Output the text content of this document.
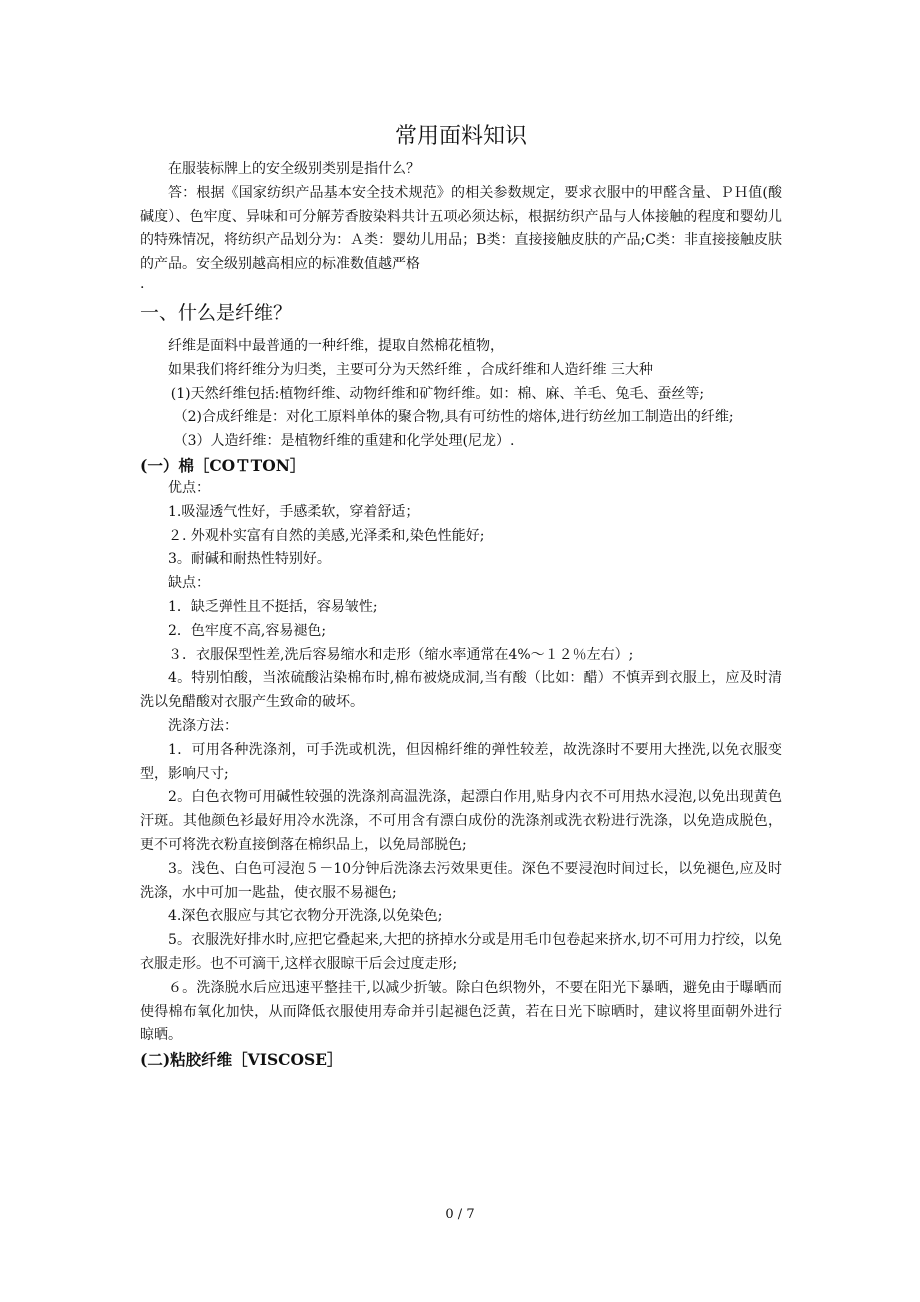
常用面料知识

在服装标牌上的安全级别类别是指什么？

答：根据《国家纺织产品基本安全技术规范》的相关参数规定，要求衣服中的甲醛含量、ＰＨ值(酸碱度）、色牢度、异味和可分解芳香胺染料共计五项必须达标，根据纺织产品与人体接触的程度和婴幼儿的特殊情况，将纺织产品划分为：Ａ类：婴幼儿用品；B类：直接接触皮肤的产品;C类：非直接接触皮肤的产品。安全级别越高相应的标准数值越严格

.

一、什么是纤维？

纤维是面料中最普通的一种纤维，提取自然棉花植物，

如果我们将纤维分为归类，主要可分为天然纤维 ，合成纤维和人造纤维 三大种

(1)天然纤维包括:植物纤维、动物纤维和矿物纤维。如：棉、麻、羊毛、兔毛、蚕丝等;

（2)合成纤维是：对化工原料单体的聚合物,具有可纺性的熔体,进行纺丝加工制造出的纤维;

（3）人造纤维：是植物纤维的重建和化学处理(尼龙）.

(一）棉［COＴTON］

优点：

1.吸湿透气性好，手感柔软，穿着舒适；

２. 外观朴实富有自然的美感,光泽柔和,染色性能好;

3。耐碱和耐热性特别好。

缺点：

1．缺乏弹性且不挺括，容易皱性;

2．色牢度不高,容易褪色;

３．衣服保型性差,洗后容易缩水和走形（缩水率通常在4%～１２％左右）;

4。特别怕酸，当浓硫酸沾染棉布时,棉布被烧成洞,当有酸（比如：醋）不慎弄到衣服上，应及时清洗以免醋酸对衣服产生致命的破坏。

洗涤方法：

1．可用各种洗涤剂，可手洗或机洗，但因棉纤维的弹性较差，故洗涤时不要用大挫洗,以免衣服变型，影响尺寸;

2。白色衣物可用碱性较强的洗涤剂高温洗涤，起漂白作用,贴身内衣不可用热水浸泡,以免出现黄色汗斑。其他颜色衫最好用冷水洗涤，不可用含有漂白成份的洗涤剂或洗衣粉进行洗涤，以免造成脱色，更不可将洗衣粉直接倒落在棉织品上，以免局部脱色;

3。浅色、白色可浸泡５－10分钟后洗涤去污效果更佳。深色不要浸泡时间过长，以免褪色,应及时洗涤，水中可加一匙盐，使衣服不易褪色;

4.深色衣服应与其它衣物分开洗涤,以免染色;

5。衣服洗好排水时,应把它叠起来,大把的挤掉水分或是用毛巾包卷起来挤水,切不可用力拧绞，以免衣服走形。也不可滴干,这样衣服晾干后会过度走形;

６。洗涤脱水后应迅速平整挂干,以减少折皱。除白色织物外，不要在阳光下暴晒，避免由于曝晒而使得棉布氧化加快，从而降低衣服使用寿命并引起褪色泛黄，若在日光下晾晒时，建议将里面朝外进行晾晒。

(二)粘胶纤维［VISCOSE］
0 / 7
